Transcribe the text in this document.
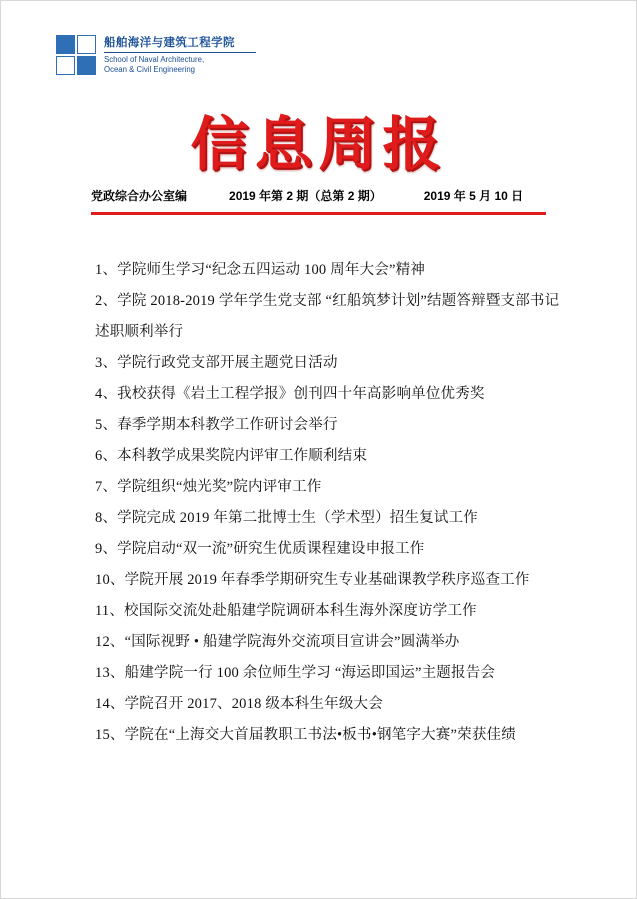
船舶海洋与建筑工程学院
School of Naval Architecture,
Ocean & Civil Engineering
信息周报
党政综合办公室编	2019 年第 2 期（总第 2 期）	2019 年 5 月 10 日
1、学院师生学习“纪念五四运动 100 周年大会”精神
2、学院 2018-2019 学年学生党支部 “红船筑梦计划”结题答辩暨支部书记述职顺利举行
3、学院行政党支部开展主题党日活动
4、我校获得《岩土工程学报》创刊四十年高影响单位优秀奖
5、春季学期本科教学工作研讨会举行
6、本科教学成果奖院内评审工作顺利结束
7、学院组织“烛光奖”院内评审工作
8、学院完成 2019 年第二批博士生（学术型）招生复试工作
9、学院启动“双一流”研究生优质课程建设申报工作
10、学院开展 2019 年春季学期研究生专业基础课教学秩序巡查工作
11、校国际交流处赴船建学院调研本科生海外深度访学工作
12、“国际视野 • 船建学院海外交流项目宣讲会”圆满举办
13、船建学院一行 100 余位师生学习 “海运即国运”主题报告会
14、学院召开 2017、2018 级本科生年级大会
15、学院在“上海交大首届教职工书法•板书•钢笔字大赛”荣获佳绩
